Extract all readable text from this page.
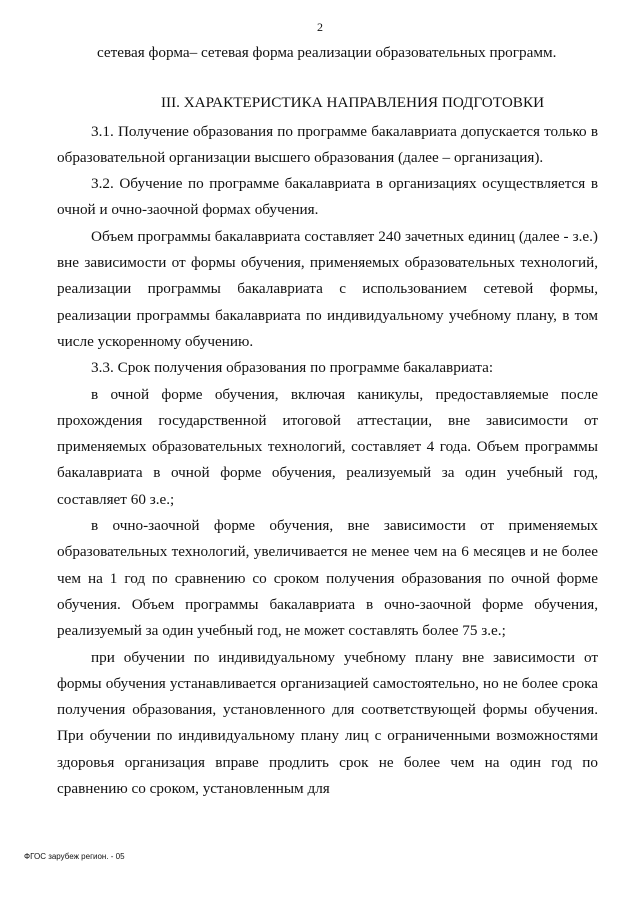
2

сетевая форма– сетевая форма реализации образовательных программ.

III. ХАРАКТЕРИСТИКА НАПРАВЛЕНИЯ ПОДГОТОВКИ

3.1. Получение образования по программе бакалавриата допускается только в образовательной организации высшего образования (далее – организация).

3.2. Обучение по программе бакалавриата в организациях осуществляется в очной и очно-заочной формах обучения.

Объем программы бакалавриата составляет 240 зачетных единиц (далее - з.е.) вне зависимости от формы обучения, применяемых образовательных технологий, реализации программы бакалавриата с использованием сетевой формы, реализации программы бакалавриата по индивидуальному учебному плану, в том числе ускоренному обучению.

3.3. Срок получения образования по программе бакалавриата:

в очной форме обучения, включая каникулы, предоставляемые после прохождения государственной итоговой аттестации, вне зависимости от применяемых образовательных технологий, составляет 4 года. Объем программы бакалавриата в очной форме обучения, реализуемый за один учебный год, составляет 60 з.е.;

в очно-заочной форме обучения, вне зависимости от применяемых образовательных технологий, увеличивается не менее чем на 6 месяцев и не более чем на 1 год по сравнению со сроком получения образования по очной форме обучения. Объем программы бакалавриата в очно-заочной форме обучения, реализуемый за один учебный год, не может составлять более 75 з.е.;

при обучении по индивидуальному учебному плану вне зависимости от формы обучения устанавливается организацией самостоятельно, но не более срока получения образования, установленного для соответствующей формы обучения. При обучении по индивидуальному плану лиц с ограниченными возможностями здоровья организация вправе продлить срок не более чем на один год по сравнению со сроком, установленным для

ФГОС зарубеж регион. - 05
